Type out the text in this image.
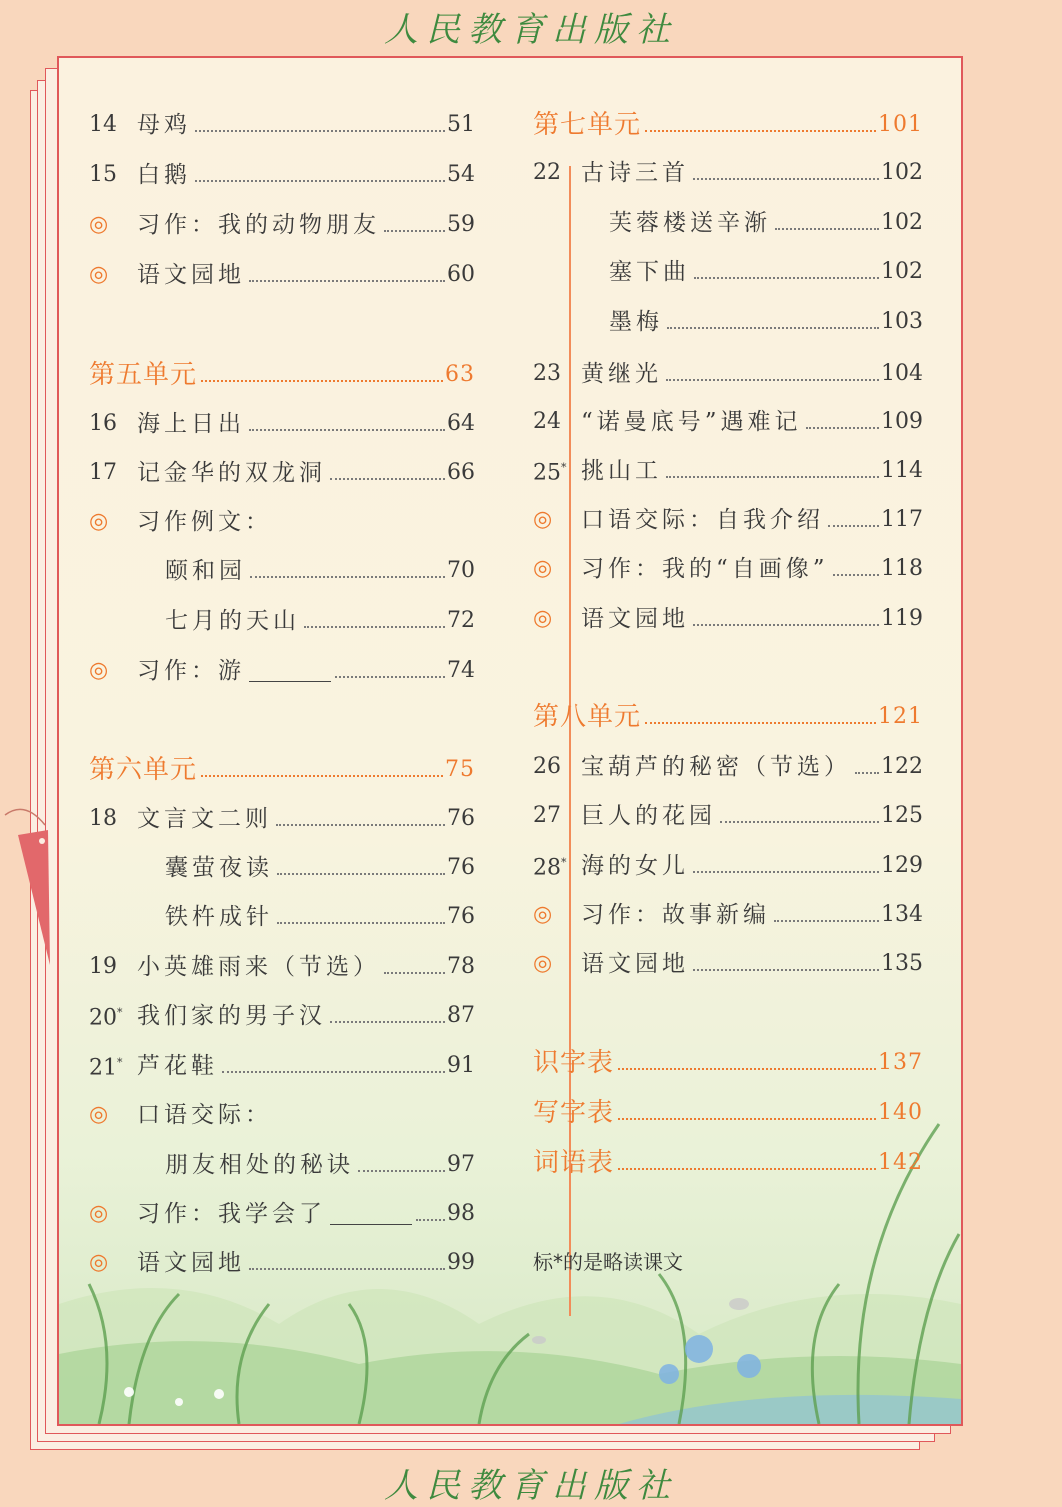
人民教育出版社
14 母鸡	51
15 白鹅	54
◎	习作：我的动物朋友	59
◎	语文园地	60
第五单元	63
16 海上日出	64
17 记金华的双龙洞	66
◎	习作例文：
颐和园	70
七月的天山	72
◎	习作：游	74
第六单元	75
18 文言文二则	76
囊萤夜读	76
铁杵成针	76
19 小英雄雨来（节选）	78
20* 我们家的男子汉	87
21* 芦花鞋	91
◎	口语交际：
朋友相处的秘诀	97
◎	习作：我学会了	98
◎	语文园地	99
第七单元	101
22 古诗三首	102
芙蓉楼送辛渐	102
塞下曲	102
墨梅	103
23 黄继光	104
24 “诺曼底号”遇难记	109
25* 挑山工	114
◎	口语交际：自我介绍	117
◎	习作：我的“自画像” 118
◎	语文园地	119
第八单元	121
26 宝葫芦的秘密（节选） 122
27 巨人的花园	125
28* 海的女儿	129
◎	习作：故事新编	134
◎	语文园地	135
识字表	137
写字表	140
词语表	142
标*的是略读课文
人民教育出版社
